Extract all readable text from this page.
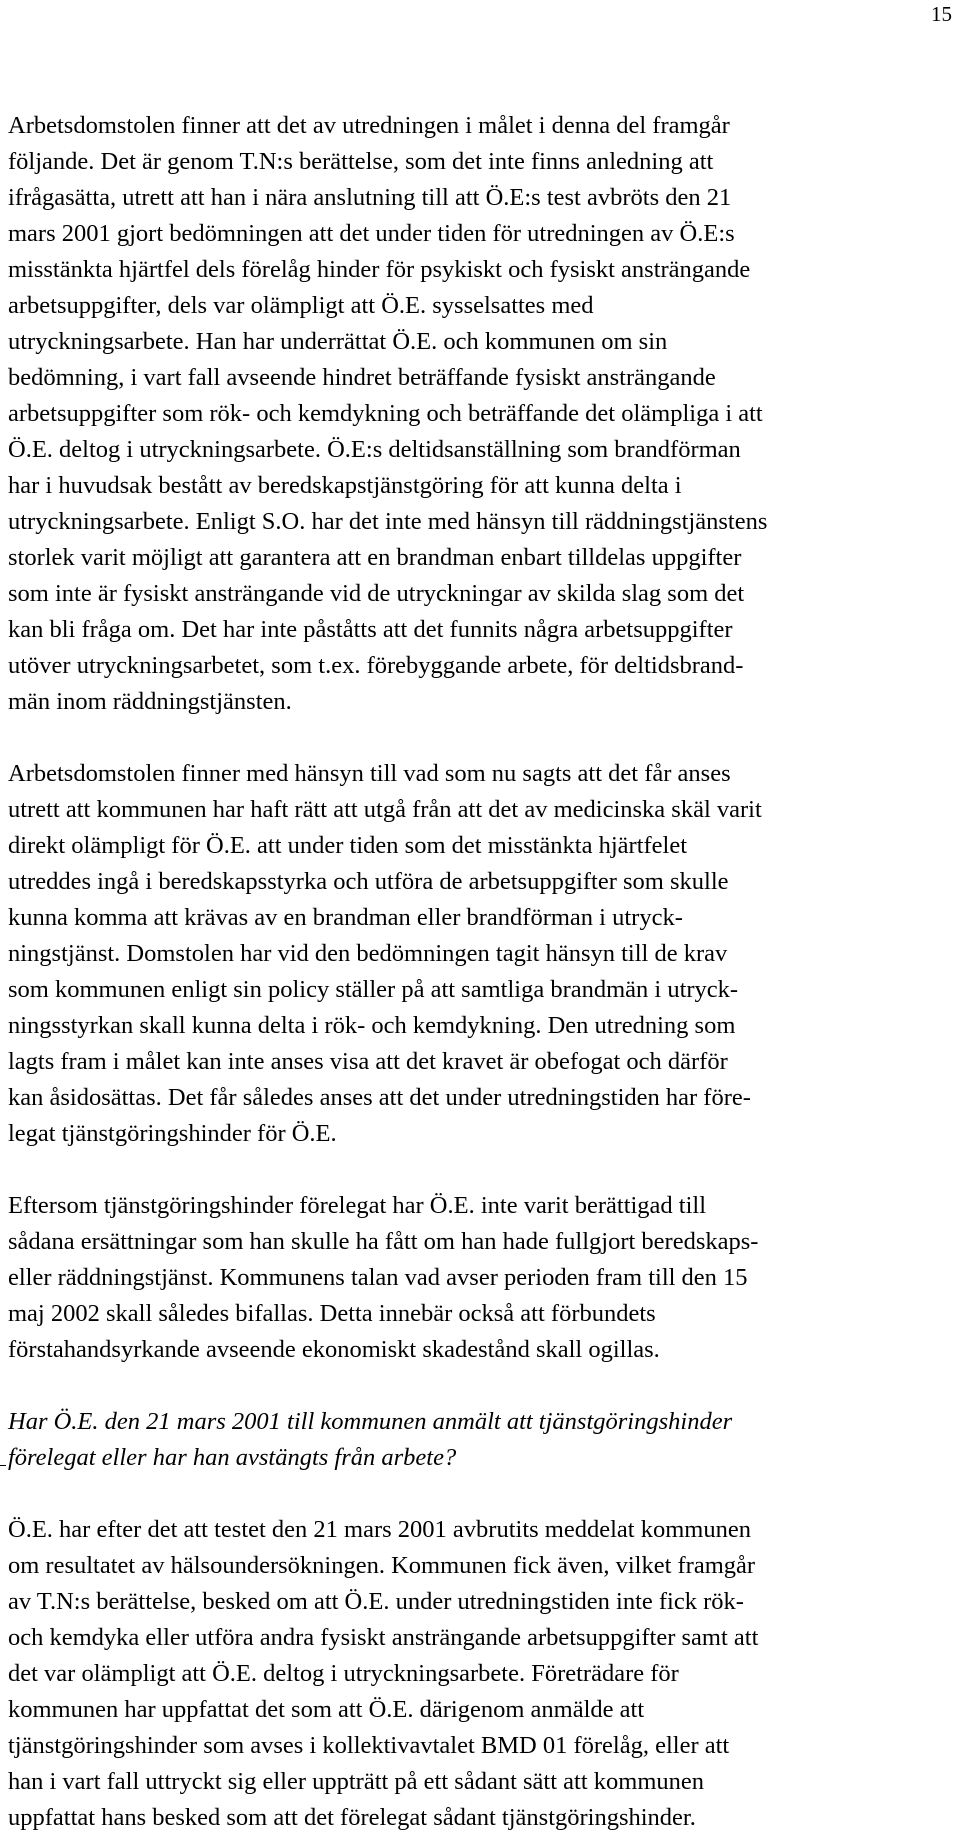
15
Arbetsdomstolen finner att det av utredningen i målet i denna del framgår
följande. Det är genom T.N:s berättelse, som det inte finns anledning att
ifrågasätta, utrett att han i nära anslutning till att Ö.E:s test avbröts den 21
mars 2001 gjort bedömningen att det under tiden för utredningen av Ö.E:s
misstänkta hjärtfel dels förelåg hinder för psykiskt och fysiskt ansträngande
arbetsuppgifter, dels var olämpligt att Ö.E. sysselsattes med
utryckningsarbete. Han har underrättat Ö.E. och kommunen om sin
bedömning, i vart fall avseende hindret beträffande fysiskt ansträngande
arbetsuppgifter som rök- och kemdykning och beträffande det olämpliga i att
Ö.E. deltog i utryckningsarbete. Ö.E:s deltidsanställning som brandförman
har i huvudsak bestått av beredskapstjänstgöring för att kunna delta i
utryckningsarbete. Enligt S.O. har det inte med hänsyn till räddningstjänstens
storlek varit möjligt att garantera att en brandman enbart tilldelas uppgifter
som inte är fysiskt ansträngande vid de utryckningar av skilda slag som det
kan bli fråga om. Det har inte påståtts att det funnits några arbetsuppgifter
utöver utryckningsarbetet, som t.ex. förebyggande arbete, för deltidsbrand-
män inom räddningstjänsten.
Arbetsdomstolen finner med hänsyn till vad som nu sagts att det får anses
utrett att kommunen har haft rätt att utgå från att det av medicinska skäl varit
direkt olämpligt för Ö.E. att under tiden som det misstänkta hjärtfelet
utreddes ingå i beredskapsstyrka och utföra de arbetsuppgifter som skulle
kunna komma att krävas av en brandman eller brandförman i utryck-
ningstjänst. Domstolen har vid den bedömningen tagit hänsyn till de krav
som kommunen enligt sin policy ställer på att samtliga brandmän i utryck-
ningsstyrkan skall kunna delta i rök- och kemdykning. Den utredning som
lagts fram i målet kan inte anses visa att det kravet är obefogat och därför
kan åsidosättas. Det får således anses att det under utredningstiden har före-
legat tjänstgöringshinder för Ö.E.
Eftersom tjänstgöringshinder förelegat har Ö.E. inte varit berättigad till
sådana ersättningar som han skulle ha fått om han hade fullgjort beredskaps-
eller räddningstjänst. Kommunens talan vad avser perioden fram till den 15
maj 2002 skall således bifallas. Detta innebär också att förbundets
förstahandsyrkande avseende ekonomiskt skadestånd skall ogillas.
Har Ö.E. den 21 mars 2001 till kommunen anmält att tjänstgöringshinder
förelegat eller har han avstängts från arbete?
Ö.E. har efter det att testet den 21 mars 2001 avbrutits meddelat kommunen
om resultatet av hälsoundersökningen. Kommunen fick även, vilket framgår
av T.N:s berättelse, besked om att Ö.E. under utredningstiden inte fick rök-
och kemdyka eller utföra andra fysiskt ansträngande arbetsuppgifter samt att
det var olämpligt att Ö.E. deltog i utryckningsarbete. Företrädare för
kommunen har uppfattat det som att Ö.E. därigenom anmälde att
tjänstgöringshinder som avses i kollektivavtalet BMD 01 förelåg, eller att
han i vart fall uttryckt sig eller uppträtt på ett sådant sätt att kommunen
uppfattat hans besked som att det förelegat sådant tjänstgöringshinder.
